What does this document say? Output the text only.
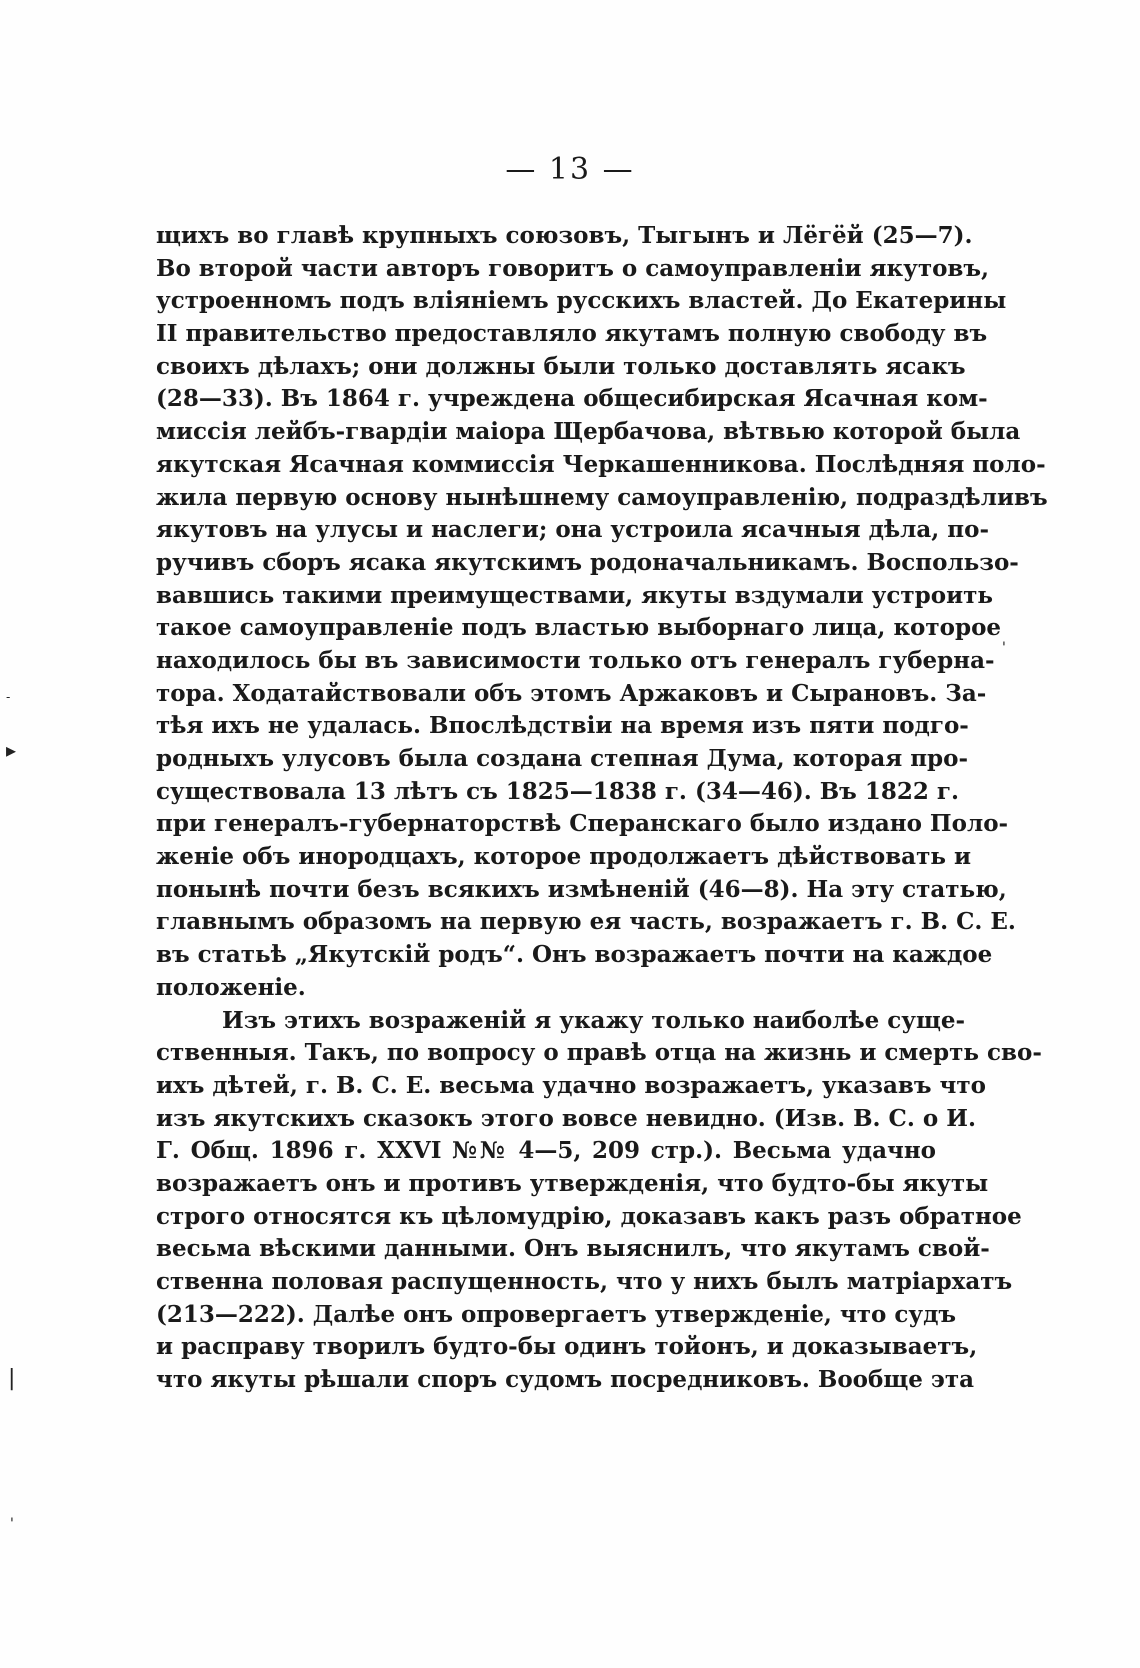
— 13 —
щихъ во главѣ крупныхъ союзовъ, Тыгынъ и Лёгёй (25—7).
Во второй части авторъ говоритъ о самоуправленіи якутовъ,
устроенномъ подъ вліяніемъ русскихъ властей. До Екатерины
II правительство предоставляло якутамъ полную свободу въ
своихъ дѣлахъ; они должны были только доставлять ясакъ
(28—33). Въ 1864 г. учреждена общесибирская Ясачная ком-
миссія лейбъ-гвардіи маіора Щербачова, вѣтвью которой была
якутская Ясачная коммиссія Черкашенникова. Послѣдняя поло-
жила первую основу нынѣшнему самоуправленію, подраздѣливъ
якутовъ на улусы и наслеги; она устроила ясачныя дѣла, по-
ручивъ сборъ ясака якутскимъ родоначальникамъ. Воспользо-
вавшись такими преимуществами, якуты вздумали устроить
такое самоуправленіе подъ властью выборнаго лица, которое
находилось бы въ зависимости только отъ генералъ губерна-
тора. Ходатайствовали объ этомъ Аржаковъ и Сырановъ. За-
тѣя ихъ не удалась. Впослѣдствіи на время изъ пяти подго-
родныхъ улусовъ была создана степная Дума, которая про-
существовала 13 лѣтъ съ 1825—1838 г. (34—46). Въ 1822 г.
при генералъ-губернаторствѣ Сперанскаго было издано Поло-
женіе объ инородцахъ, которое продолжаетъ дѣйствовать и
понынѣ почти безъ всякихъ измѣненій (46—8). На эту статью,
главнымъ образомъ на первую ея часть, возражаетъ г. В. С. Е.
въ статьѣ „Якутскій родъ“. Онъ возражаетъ почти на каждое
положеніе.
Изъ этихъ возраженій я укажу только наиболѣе суще-
ственныя. Такъ, по вопросу о правѣ отца на жизнь и смерть сво-
ихъ дѣтей, г. В. С. Е. весьма удачно возражаетъ, указавъ что
изъ якутскихъ сказокъ этого вовсе невидно. (Изв. В. С. о И.
Г. Общ. 1896 г. XXVI №№ 4—5, 209 стр.). Весьма удачно
возражаетъ онъ и противъ утвержденія, что будто-бы якуты
строго относятся къ цѣломудрію, доказавъ какъ разъ обратное
весьма вѣскими данными. Онъ выяснилъ, что якутамъ свой-
ственна половая распущенность, что у нихъ былъ матріархатъ
(213—222). Далѣе онъ опровергаетъ утвержденіе, что судъ
и расправу творилъ будто-бы одинъ тойонъ, и доказываетъ,
что якуты рѣшали споръ судомъ посредниковъ. Вообще эта
▸
-
|
'
'
